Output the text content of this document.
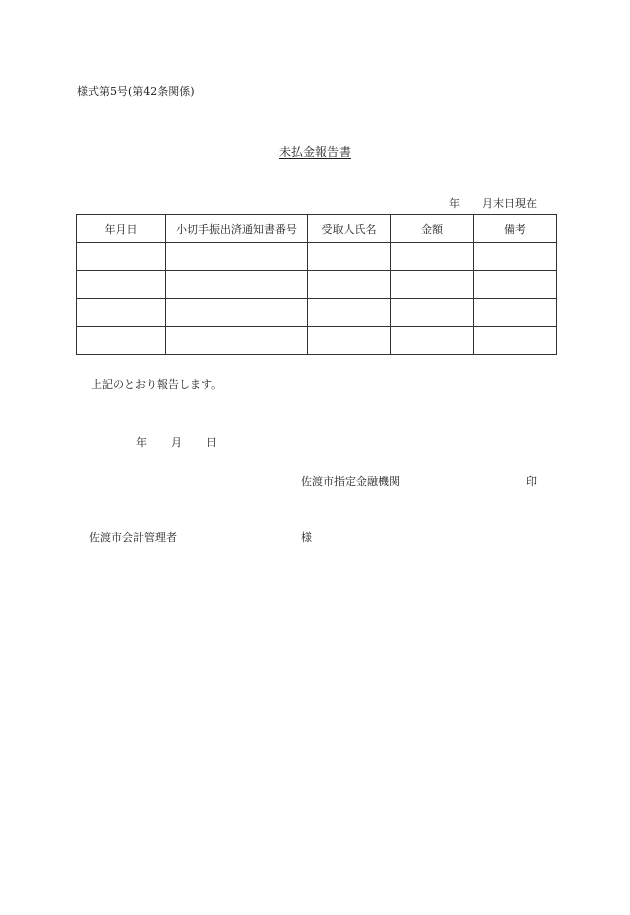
様式第5号(第42条関係)
未払金報告書
年 月末日現在
年月日	小切手振出済通知書番号	受取人氏名	金額	備考

上記のとおり報告します。
年 月 日
佐渡市指定金融機関	印
佐渡市会計管理者	様
